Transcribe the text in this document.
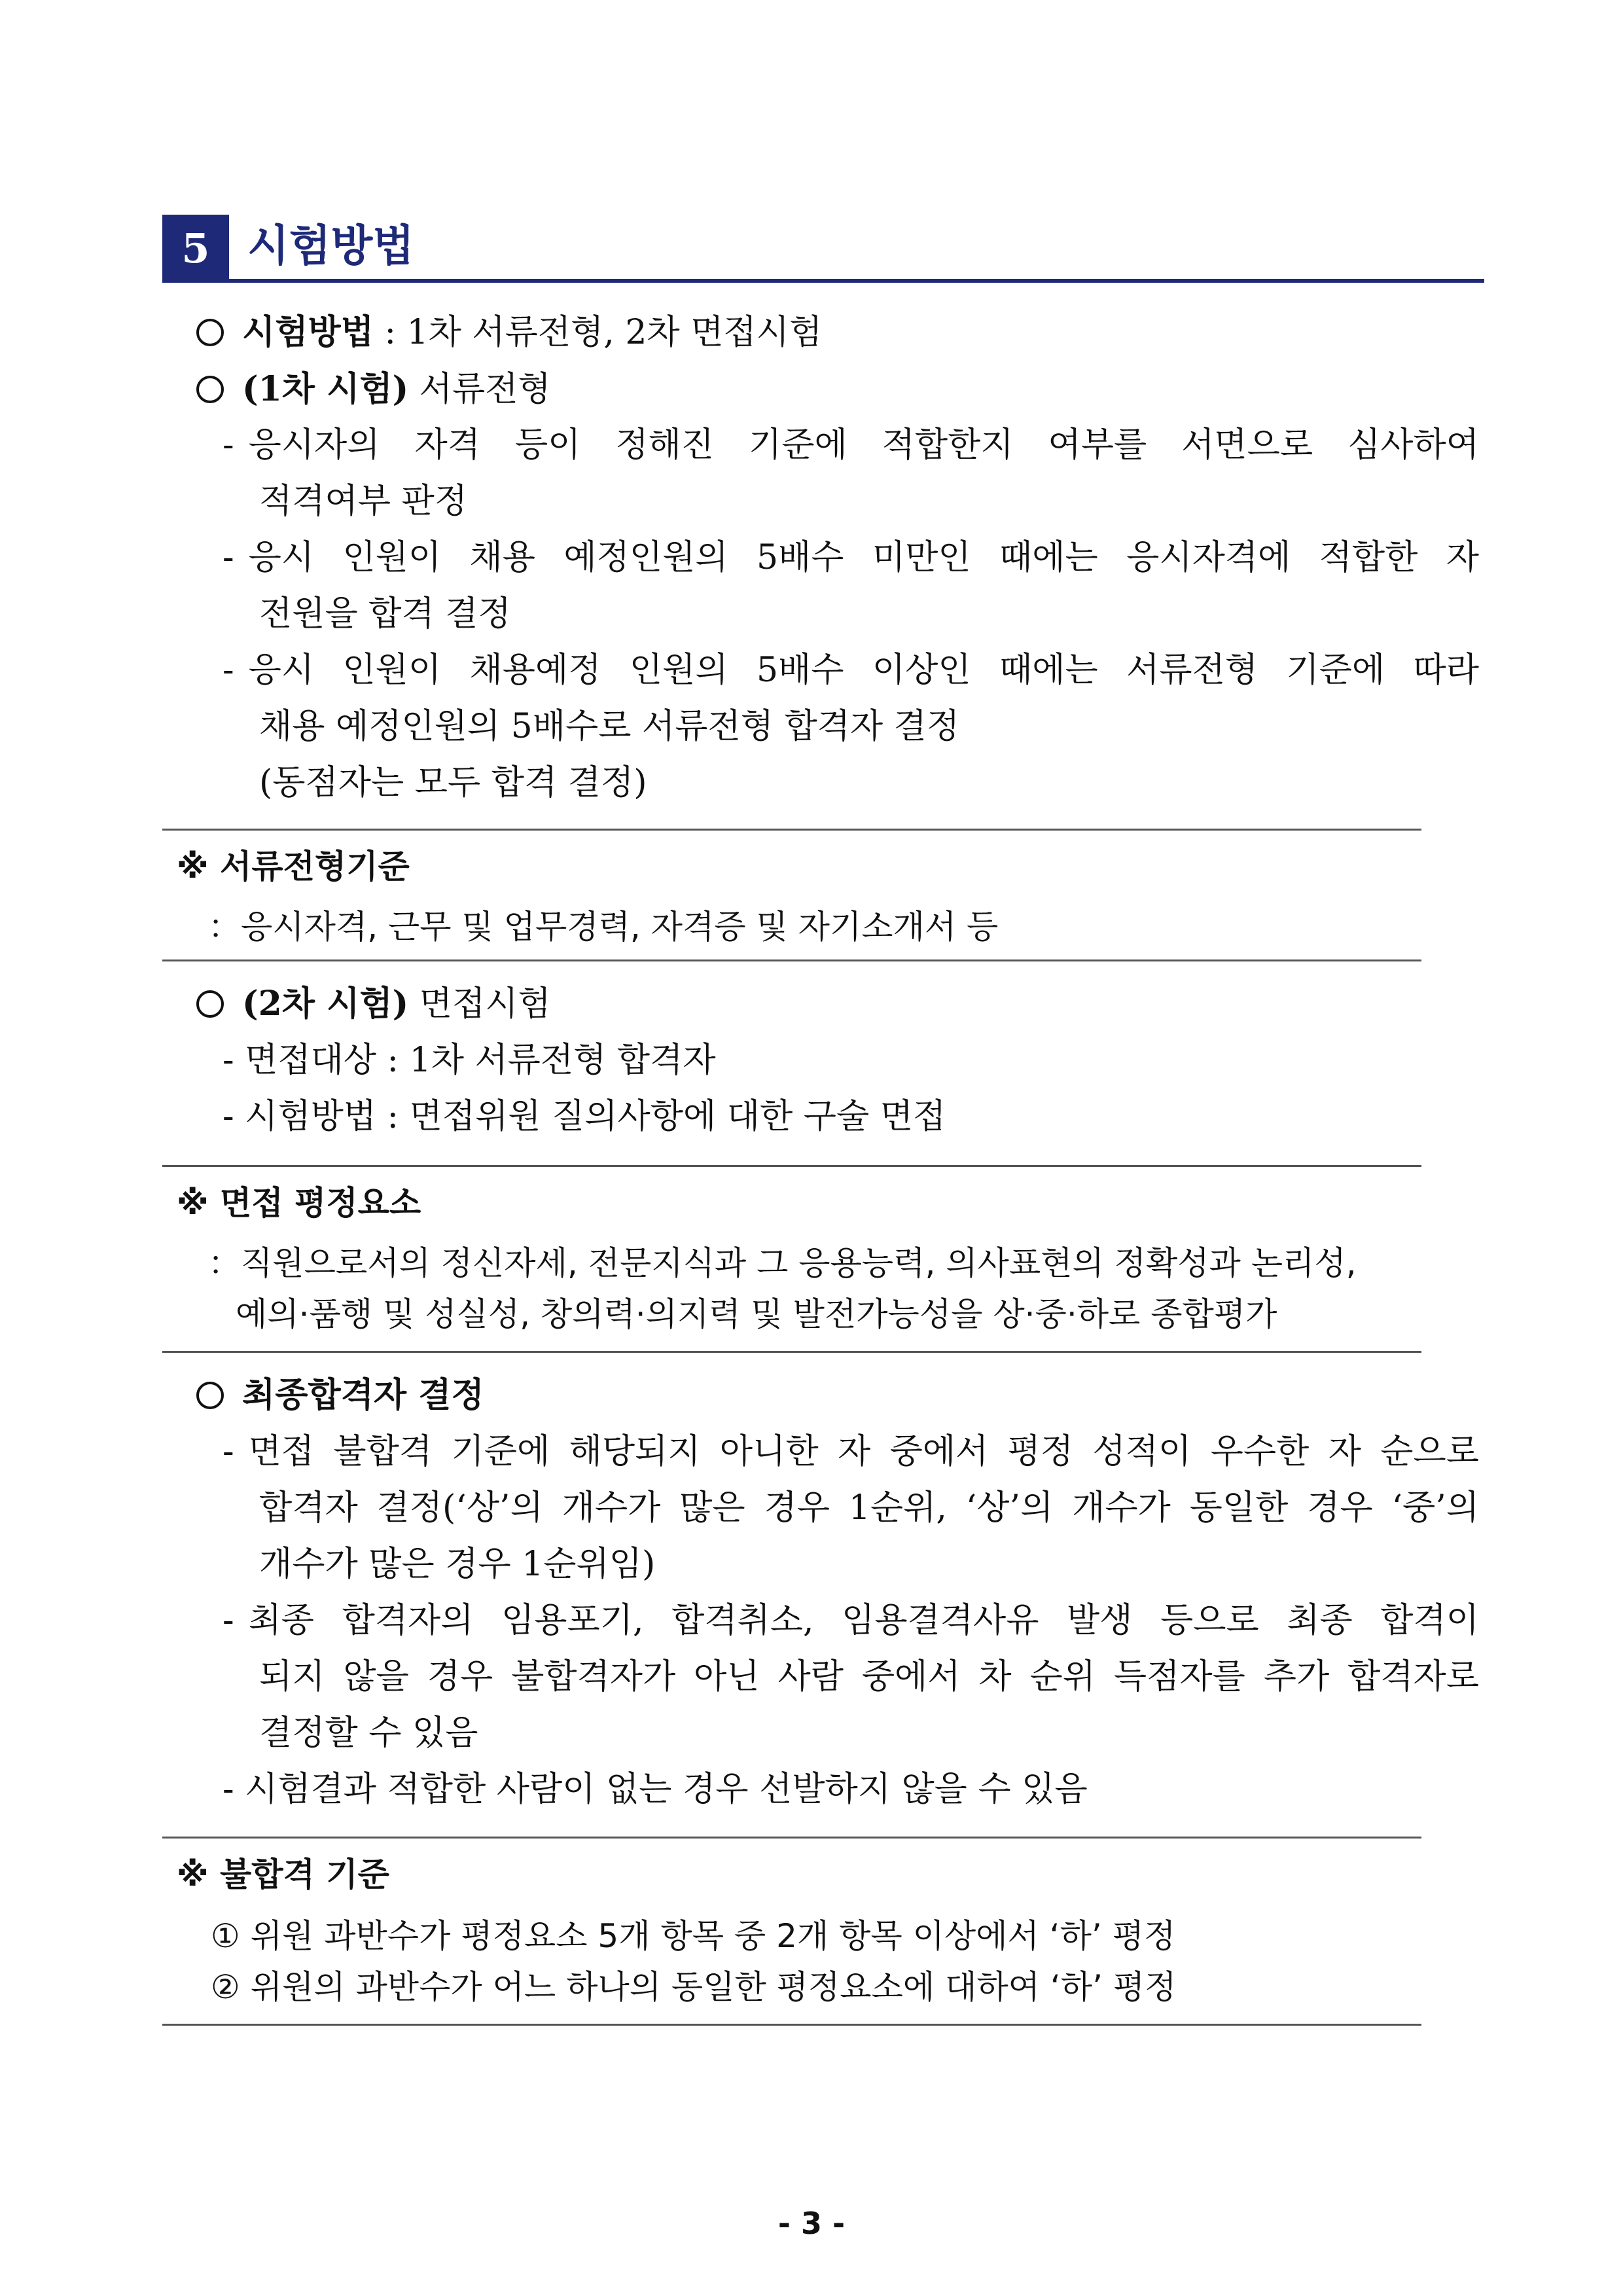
5 시험방법
시험방법 : 1차 서류전형, 2차 면접시험
(1차 시험) 서류전형
- 응시자의 자격 등이 정해진 기준에 적합한지 여부를 서면으로 심사하여
적격여부 판정
- 응시 인원이 채용 예정인원의 5배수 미만인 때에는 응시자격에 적합한 자
전원을 합격 결정
- 응시 인원이 채용예정 인원의 5배수 이상인 때에는 서류전형 기준에 따라
채용 예정인원의 5배수로 서류전형 합격자 결정
(동점자는 모두 합격 결정)
※ 서류전형기준
：응시자격, 근무 및 업무경력, 자격증 및 자기소개서 등
(2차 시험) 면접시험
- 면접대상 : 1차 서류전형 합격자
- 시험방법 : 면접위원 질의사항에 대한 구술 면접
※ 면접 평정요소
：직원으로서의 정신자세, 전문지식과 그 응용능력, 의사표현의 정확성과 논리성,
예의·품행 및 성실성, 창의력·의지력 및 발전가능성을 상·중·하로 종합평가
최종합격자 결정
- 면접 불합격 기준에 해당되지 아니한 자 중에서 평정 성적이 우수한 자 순으로
합격자 결정(‘상’의 개수가 많은 경우 1순위, ‘상’의 개수가 동일한 경우 ‘중’의
개수가 많은 경우 1순위임)
- 최종 합격자의 임용포기, 합격취소, 임용결격사유 발생 등으로 최종 합격이
되지 않을 경우 불합격자가 아닌 사람 중에서 차 순위 득점자를 추가 합격자로
결정할 수 있음
- 시험결과 적합한 사람이 없는 경우 선발하지 않을 수 있음
※ 불합격 기준
① 위원 과반수가 평정요소 5개 항목 중 2개 항목 이상에서 ‘하’ 평정
② 위원의 과반수가 어느 하나의 동일한 평정요소에 대하여 ‘하’ 평정
- 3 -
